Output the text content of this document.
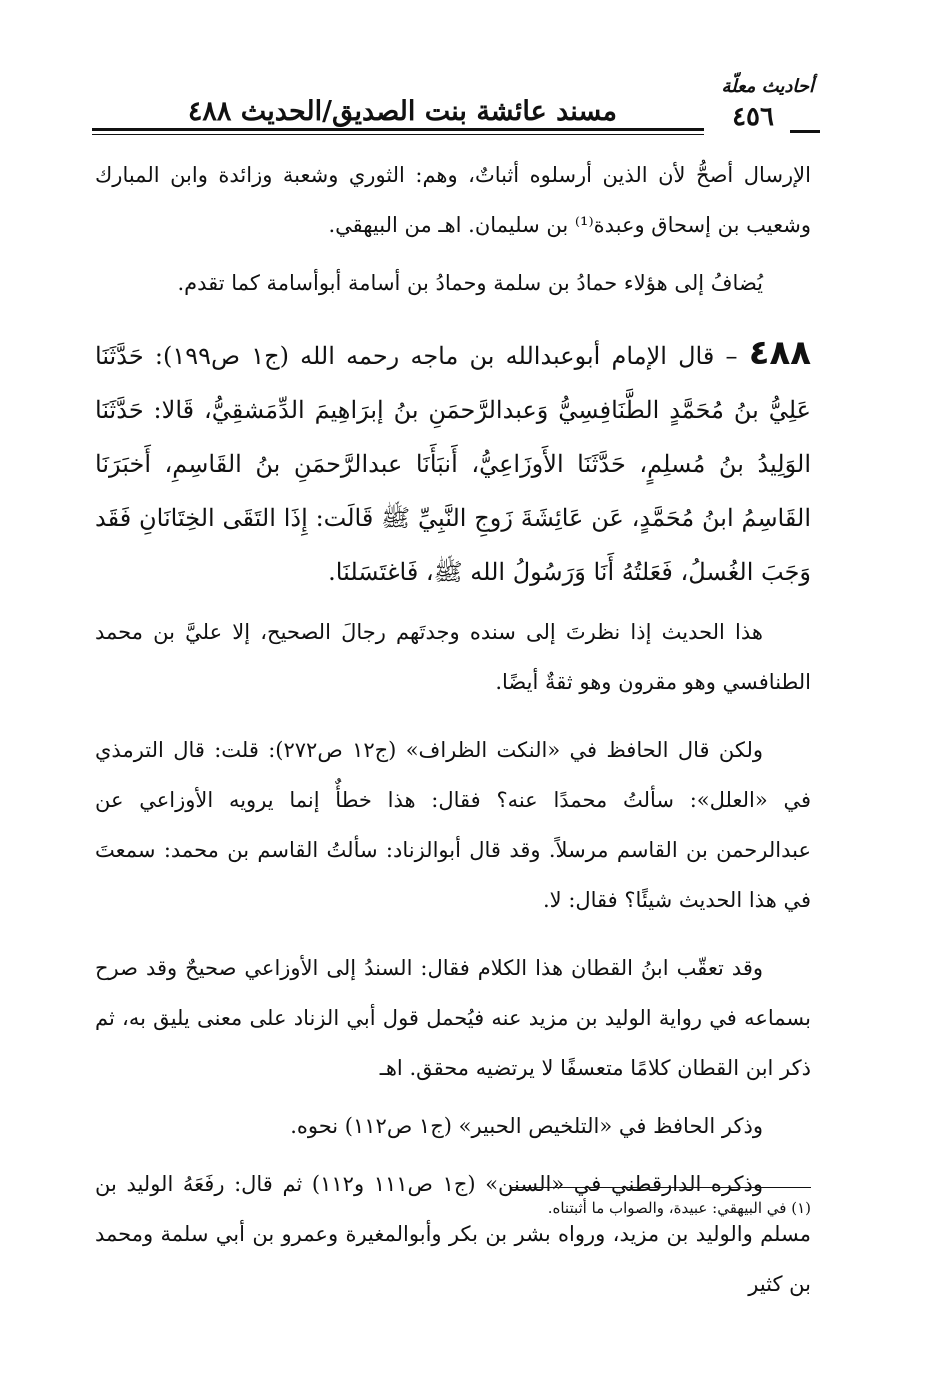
أحاديث معلّة
٤٥٦
مسند عائشة بنت الصديق/الحديث ٤٨٨

الإرسال أصحُّ لأن الذين أرسلوه أثباتٌ، وهم: الثوري وشعبة وزائدة وابن المبارك وشعيب بن إسحاق وعبدة⁽¹⁾ بن سليمان. اهـ من البيهقي.

يُضافُ إلى هؤلاء حمادُ بن سلمة وحمادُ بن أسامة أبوأسامة كما تقدم.

٤٨٨ – قال الإمام أبوعبدالله بن ماجه رحمه الله (ج١ ص١٩٩): حَدَّثَنَا عَلِيُّ بنُ مُحَمَّدٍ الطَّنَافِسِيُّ وَعبدالرَّحمَنِ بنُ إبرَاهِيمَ الدِّمَشقِيُّ، قَالا: حَدَّثَنَا الوَلِيدُ بنُ مُسلِمٍ، حَدَّثَنَا الأَوزَاعِيُّ، أَنبَأَنَا عبدالرَّحمَنِ بنُ القَاسِمِ، أَخبَرَنَا القَاسِمُ ابنُ مُحَمَّدٍ، عَن عَائِشَةَ زَوجِ النَّبِيِّ ﷺ قَالَت: إِذَا التَقَى الخِتَانَانِ فَقَد وَجَبَ الغُسلُ، فَعَلتُهُ أَنَا وَرَسُولُ الله ﷺ، فَاغتَسَلنَا.

هذا الحديث إذا نظرتَ إلى سنده وجدتَهم رجالَ الصحيح، إلا عليَّ بن محمد الطنافسي وهو مقرون وهو ثقةٌ أيضًا.

ولكن قال الحافظ في «النكت الظراف» (ج١٢ ص٢٧٢): قلت: قال الترمذي في «العلل»: سألتُ محمدًا عنه؟ فقال: هذا خطأٌ إنما يرويه الأوزاعي عن عبدالرحمن بن القاسم مرسلاً. وقد قال أبوالزناد: سألتُ القاسم بن محمد: سمعتَ في هذا الحديث شيئًا؟ فقال: لا.

وقد تعقّب ابنُ القطان هذا الكلام فقال: السندُ إلى الأوزاعي صحيحٌ وقد صرح بسماعه في رواية الوليد بن مزيد عنه فيُحمل قول أبي الزناد على معنى يليق به، ثم ذكر ابن القطان كلامًا متعسفًا لا يرتضيه محقق. اهـ

وذكر الحافظ في «التلخيص الحبير» (ج١ ص١١٢) نحوه.

وذكره الدارقطني في «السنن» (ج١ ص١١١ و١١٢) ثم قال: رفَعَهُ الوليد بن مسلم والوليد بن مزيد، ورواه بشر بن بكر وأبوالمغيرة وعمرو بن أبي سلمة ومحمد بن كثير

(١) في البيهقي: عبيدة، والصواب ما أثبتناه.
